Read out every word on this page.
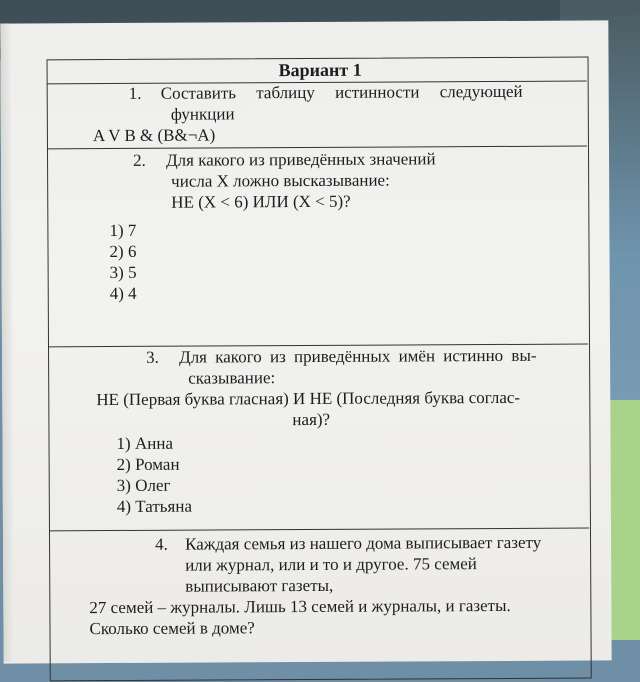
Вариант 1
1. Составить таблицу истинности следующей
функции
A V B & (B&¬A)
2. Для какого из приведённых значений
числа X ложно высказывание:
НЕ (X < 6) ИЛИ (X < 5)?
1) 7
2) 6
3) 5
4) 4
3. Для какого из приведённых имён истинно вы-
сказывание:
НЕ (Первая буква гласная) И НЕ (Последняя буква соглас-
ная)?
1) Анна
2) Роман
3) Олег
4) Татьяна
4. Каждая семья из нашего дома выписывает газету
или журнал, или и то и другое. 75 семей
выписывают газеты,
27 семей – журналы. Лишь 13 семей и журналы, и газеты.
Сколько семей в доме?
